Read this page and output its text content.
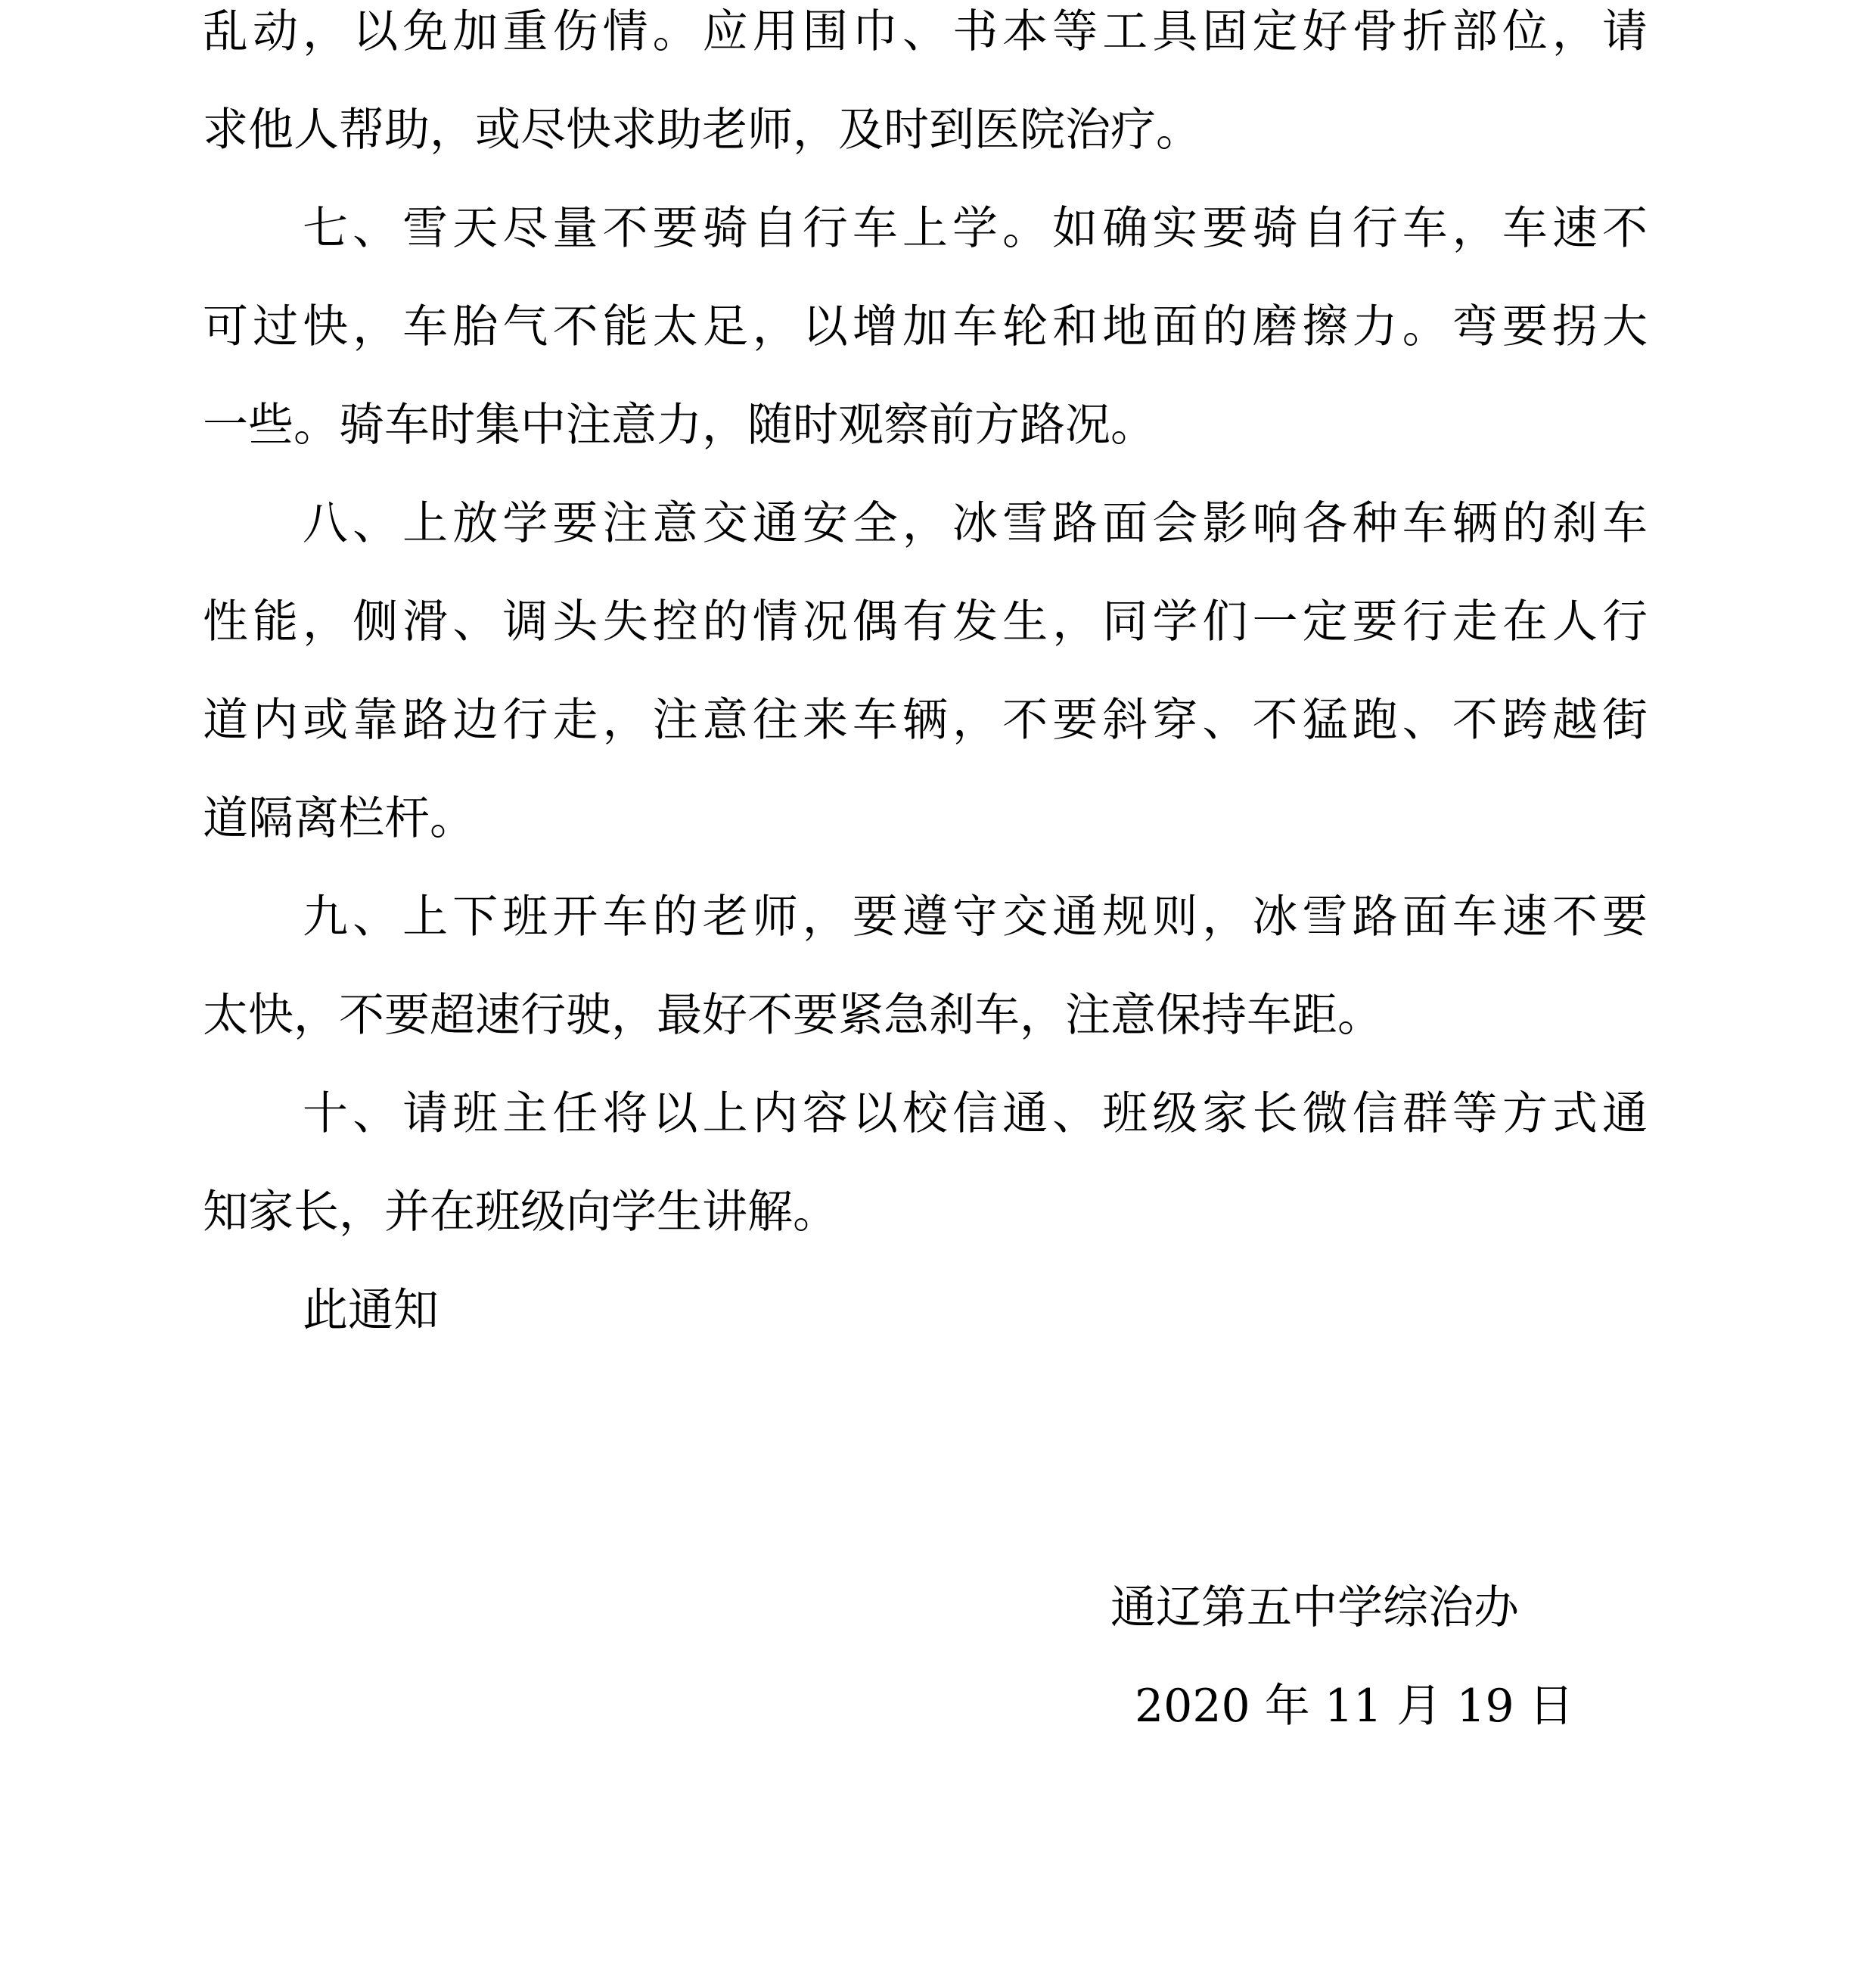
乱动，以免加重伤情。应用围巾、书本等工具固定好骨折部位，请
求他人帮助，或尽快求助老师，及时到医院治疗。
七、雪天尽量不要骑自行车上学。如确实要骑自行车，车速不
可过快，车胎气不能太足，以增加车轮和地面的磨擦力。弯要拐大
一些。骑车时集中注意力，随时观察前方路况。
八、上放学要注意交通安全，冰雪路面会影响各种车辆的刹车
性能，侧滑、调头失控的情况偶有发生，同学们一定要行走在人行
道内或靠路边行走，注意往来车辆，不要斜穿、不猛跑、不跨越街
道隔离栏杆。
九、上下班开车的老师，要遵守交通规则，冰雪路面车速不要
太快，不要超速行驶，最好不要紧急刹车，注意保持车距。
十、请班主任将以上内容以校信通、班级家长微信群等方式通
知家长，并在班级向学生讲解。
此通知
通辽第五中学综治办
2020 年 11 月 19 日
